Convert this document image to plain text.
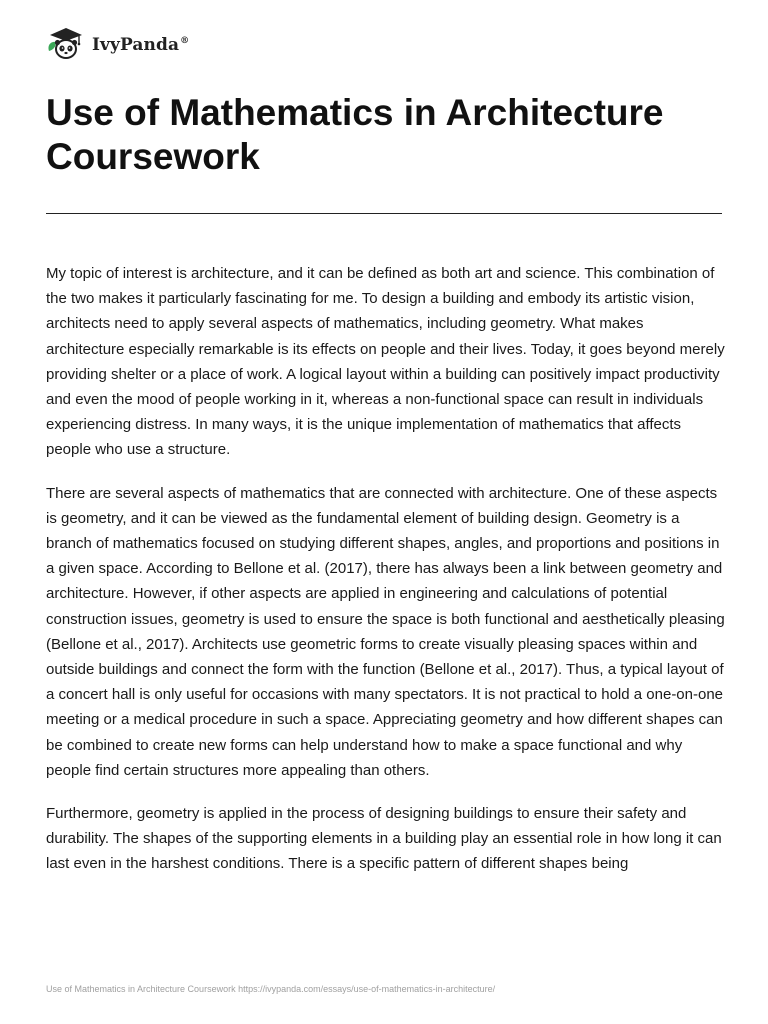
IvyPanda®
Use of Mathematics in Architecture Coursework

My topic of interest is architecture, and it can be defined as both art and science. This combination of the two makes it particularly fascinating for me. To design a building and embody its artistic vision, architects need to apply several aspects of mathematics, including geometry. What makes architecture especially remarkable is its effects on people and their lives. Today, it goes beyond merely providing shelter or a place of work. A logical layout within a building can positively impact productivity and even the mood of people working in it, whereas a non-functional space can result in individuals experiencing distress. In many ways, it is the unique implementation of mathematics that affects people who use a structure.

There are several aspects of mathematics that are connected with architecture. One of these aspects is geometry, and it can be viewed as the fundamental element of building design. Geometry is a branch of mathematics focused on studying different shapes, angles, and proportions and positions in a given space. According to Bellone et al. (2017), there has always been a link between geometry and architecture. However, if other aspects are applied in engineering and calculations of potential construction issues, geometry is used to ensure the space is both functional and aesthetically pleasing (Bellone et al., 2017). Architects use geometric forms to create visually pleasing spaces within and outside buildings and connect the form with the function (Bellone et al., 2017). Thus, a typical layout of a concert hall is only useful for occasions with many spectators. It is not practical to hold a one-on-one meeting or a medical procedure in such a space. Appreciating geometry and how different shapes can be combined to create new forms can help understand how to make a space functional and why people find certain structures more appealing than others.

Furthermore, geometry is applied in the process of designing buildings to ensure their safety and durability. The shapes of the supporting elements in a building play an essential role in how long it can last even in the harshest conditions. There is a specific pattern of different shapes being

Use of Mathematics in Architecture Coursework https://ivypanda.com/essays/use-of-mathematics-in-architecture/
